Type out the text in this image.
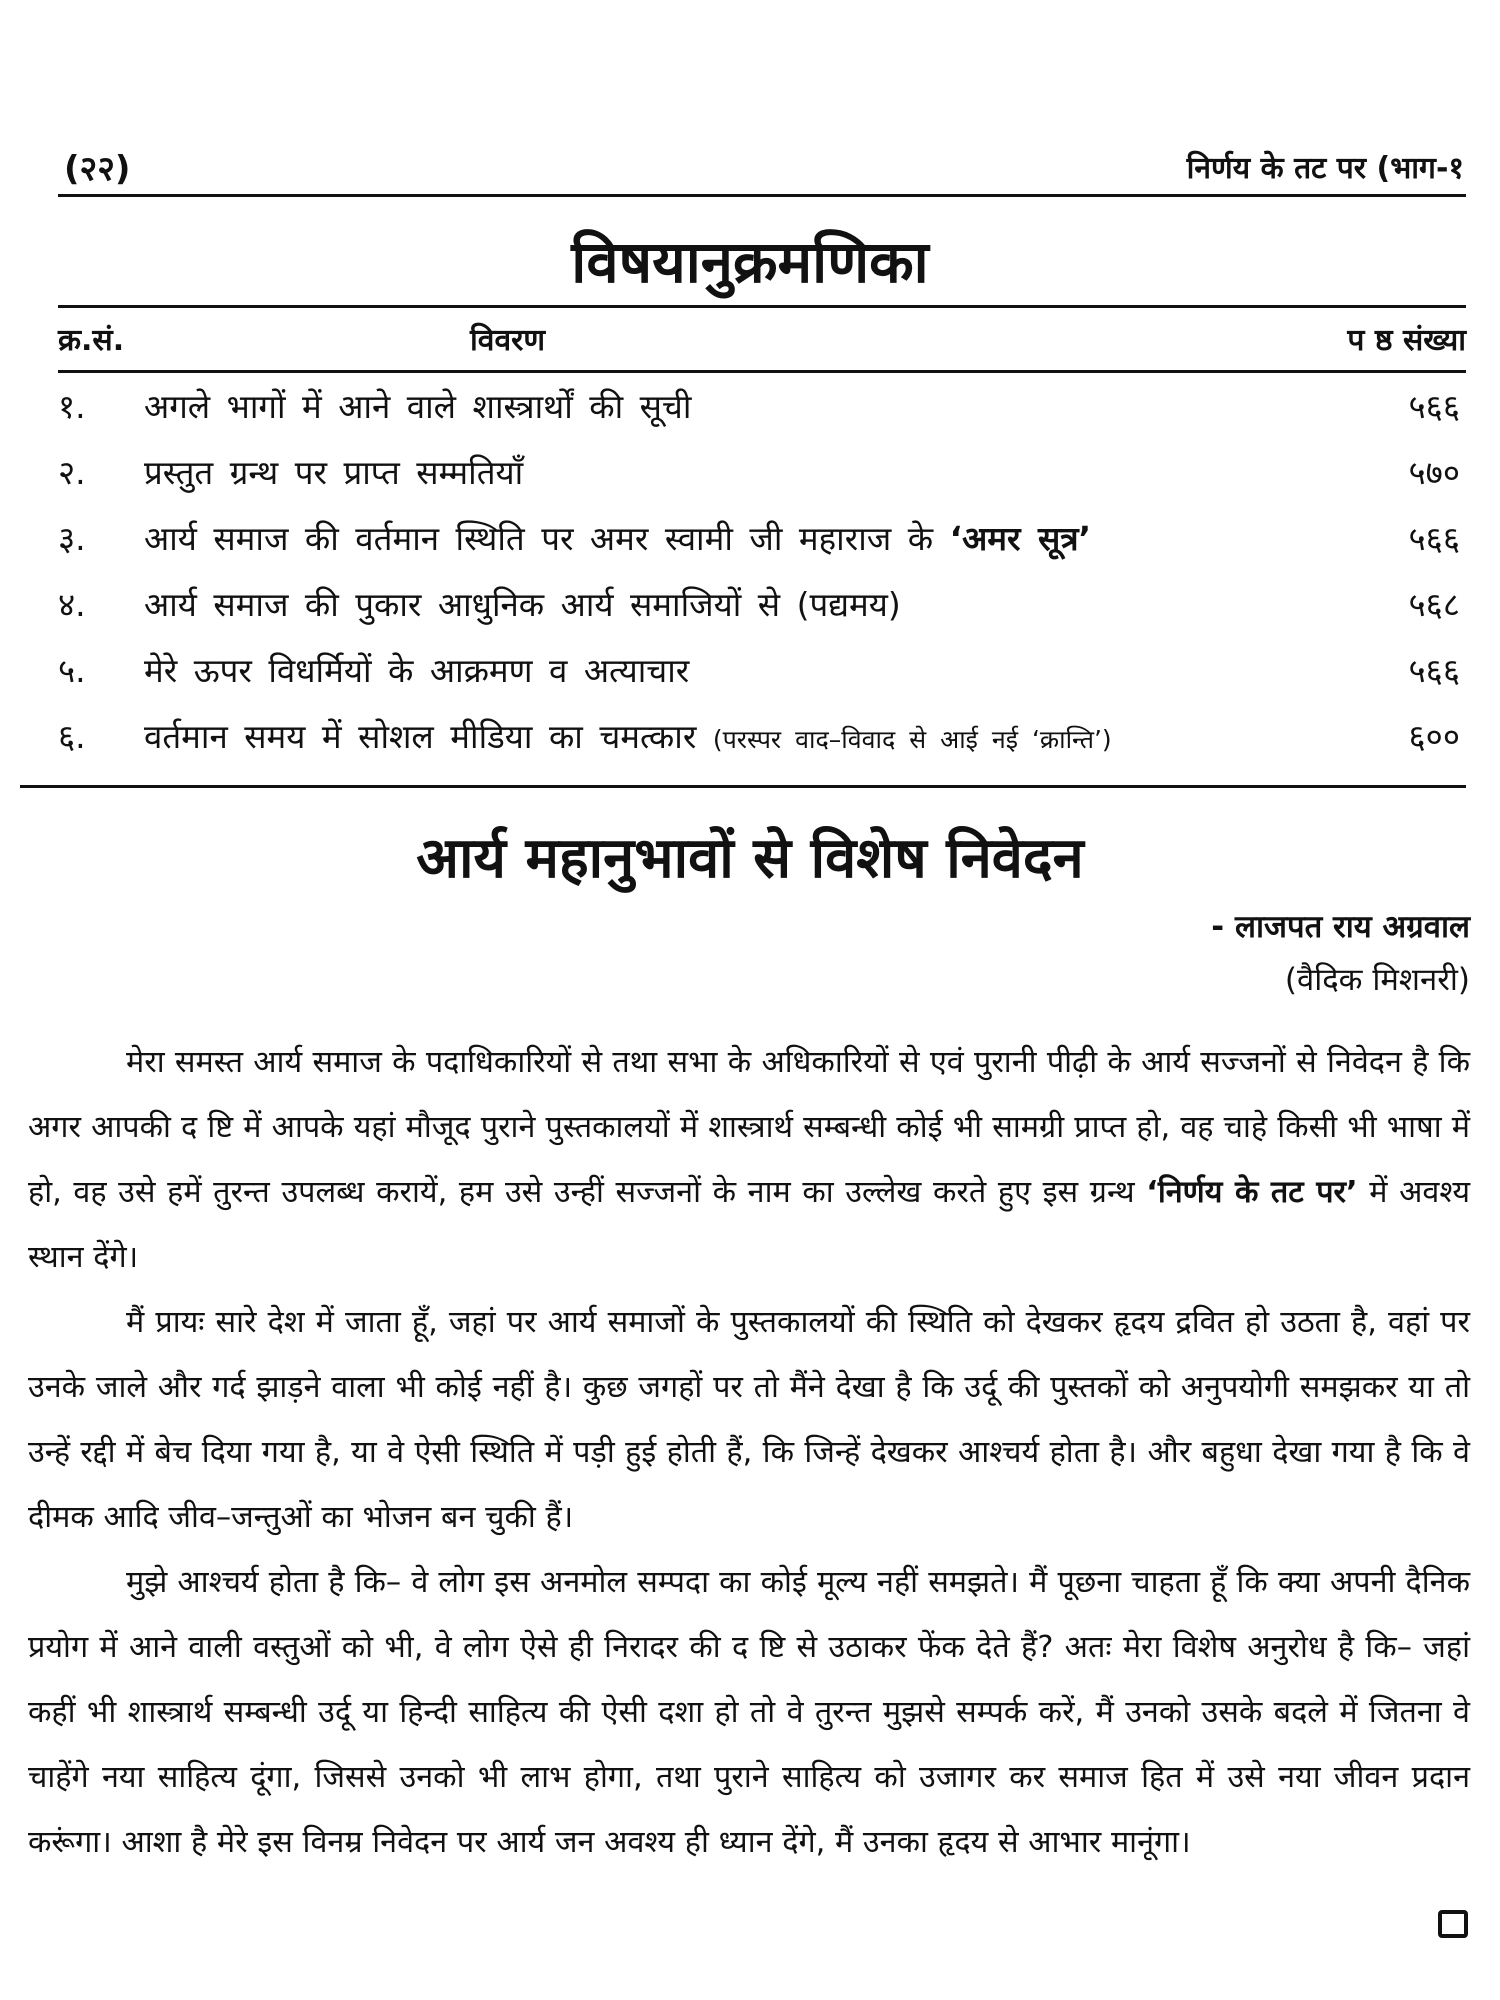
(२२)	निर्णय के तट पर (भाग-१
विषयानुक्रमणिका
क्र.सं.	विवरण	प ष्ठ संख्या
१. अगले भागों में आने वाले शास्त्रार्थों की सूची	५६६
२. प्रस्तुत ग्रन्थ पर प्राप्त सम्मतियाँ	५७०
३. आर्य समाज की वर्तमान स्थिति पर अमर स्वामी जी महाराज के ‘अमर सूत्र’	५६६
४. आर्य समाज की पुकार आधुनिक आर्य समाजियों से (पद्यमय)	५६८
५. मेरे ऊपर विधर्मियों के आक्रमण व अत्याचार	५६६
६. वर्तमान समय में सोशल मीडिया का चमत्कार (परस्पर वाद–विवाद से आई नई ‘क्रान्ति’)	६००
आर्य महानुभावों से विशेष निवेदन
- लाजपत राय अग्रवाल
(वैदिक मिशनरी)

मेरा समस्त आर्य समाज के पदाधिकारियों से तथा सभा के अधिकारियों से एवं पुरानी पीढ़ी के आर्य सज्जनों से निवेदन है कि अगर आपकी द ष्टि में आपके यहां मौजूद पुराने पुस्तकालयों में शास्त्रार्थ सम्बन्धी कोई भी सामग्री प्राप्त हो, वह चाहे किसी भी भाषा में हो, वह उसे हमें तुरन्त उपलब्ध करायें, हम उसे उन्हीं सज्जनों के नाम का उल्लेख करते हुए इस ग्रन्थ ‘निर्णय के तट पर’ में अवश्य स्थान देंगे।

मैं प्रायः सारे देश में जाता हूँ, जहां पर आर्य समाजों के पुस्तकालयों की स्थिति को देखकर हृदय द्रवित हो उठता है, वहां पर उनके जाले और गर्द झाड़ने वाला भी कोई नहीं है। कुछ जगहों पर तो मैंने देखा है कि उर्दू की पुस्तकों को अनुपयोगी समझकर या तो उन्हें रद्दी में बेच दिया गया है, या वे ऐसी स्थिति में पड़ी हुई होती हैं, कि जिन्हें देखकर आश्चर्य होता है। और बहुधा देखा गया है कि वे दीमक आदि जीव–जन्तुओं का भोजन बन चुकी हैं।

मुझे आश्चर्य होता है कि– वे लोग इस अनमोल सम्पदा का कोई मूल्य नहीं समझते। मैं पूछना चाहता हूँ कि क्या अपनी दैनिक प्रयोग में आने वाली वस्तुओं को भी, वे लोग ऐसे ही निरादर की द ष्टि से उठाकर फेंक देते हैं? अतः मेरा विशेष अनुरोध है कि– जहां कहीं भी शास्त्रार्थ सम्बन्धी उर्दू या हिन्दी साहित्य की ऐसी दशा हो तो वे तुरन्त मुझसे सम्पर्क करें, मैं उनको उसके बदले में जितना वे चाहेंगे नया साहित्य दूंगा, जिससे उनको भी लाभ होगा, तथा पुराने साहित्य को उजागर कर समाज हित में उसे नया जीवन प्रदान करूंगा। आशा है मेरे इस विनम्र निवेदन पर आर्य जन अवश्य ही ध्यान देंगे, मैं उनका हृदय से आभार मानूंगा।
